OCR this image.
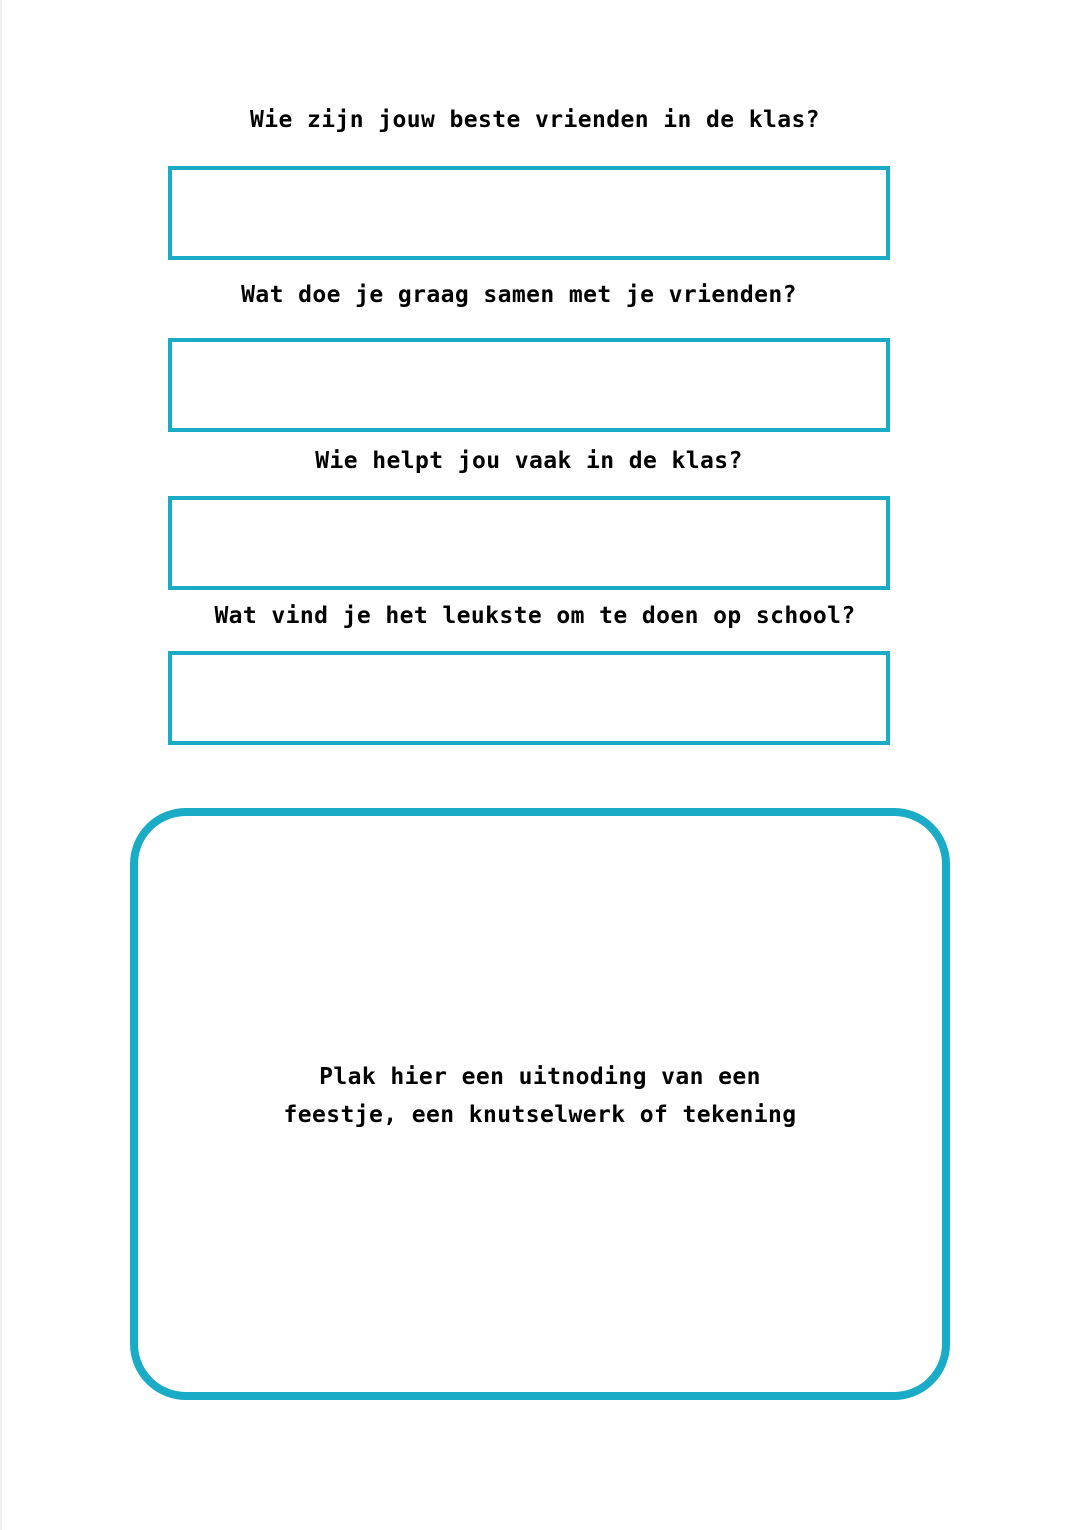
Wie zijn jouw beste vrienden in de klas?
Wat doe je graag samen met je vrienden?
Wie helpt jou vaak in de klas?
Wat vind je het leukste om te doen op school?
Plak hier een uitnoding van een
feestje, een knutselwerk of tekening
